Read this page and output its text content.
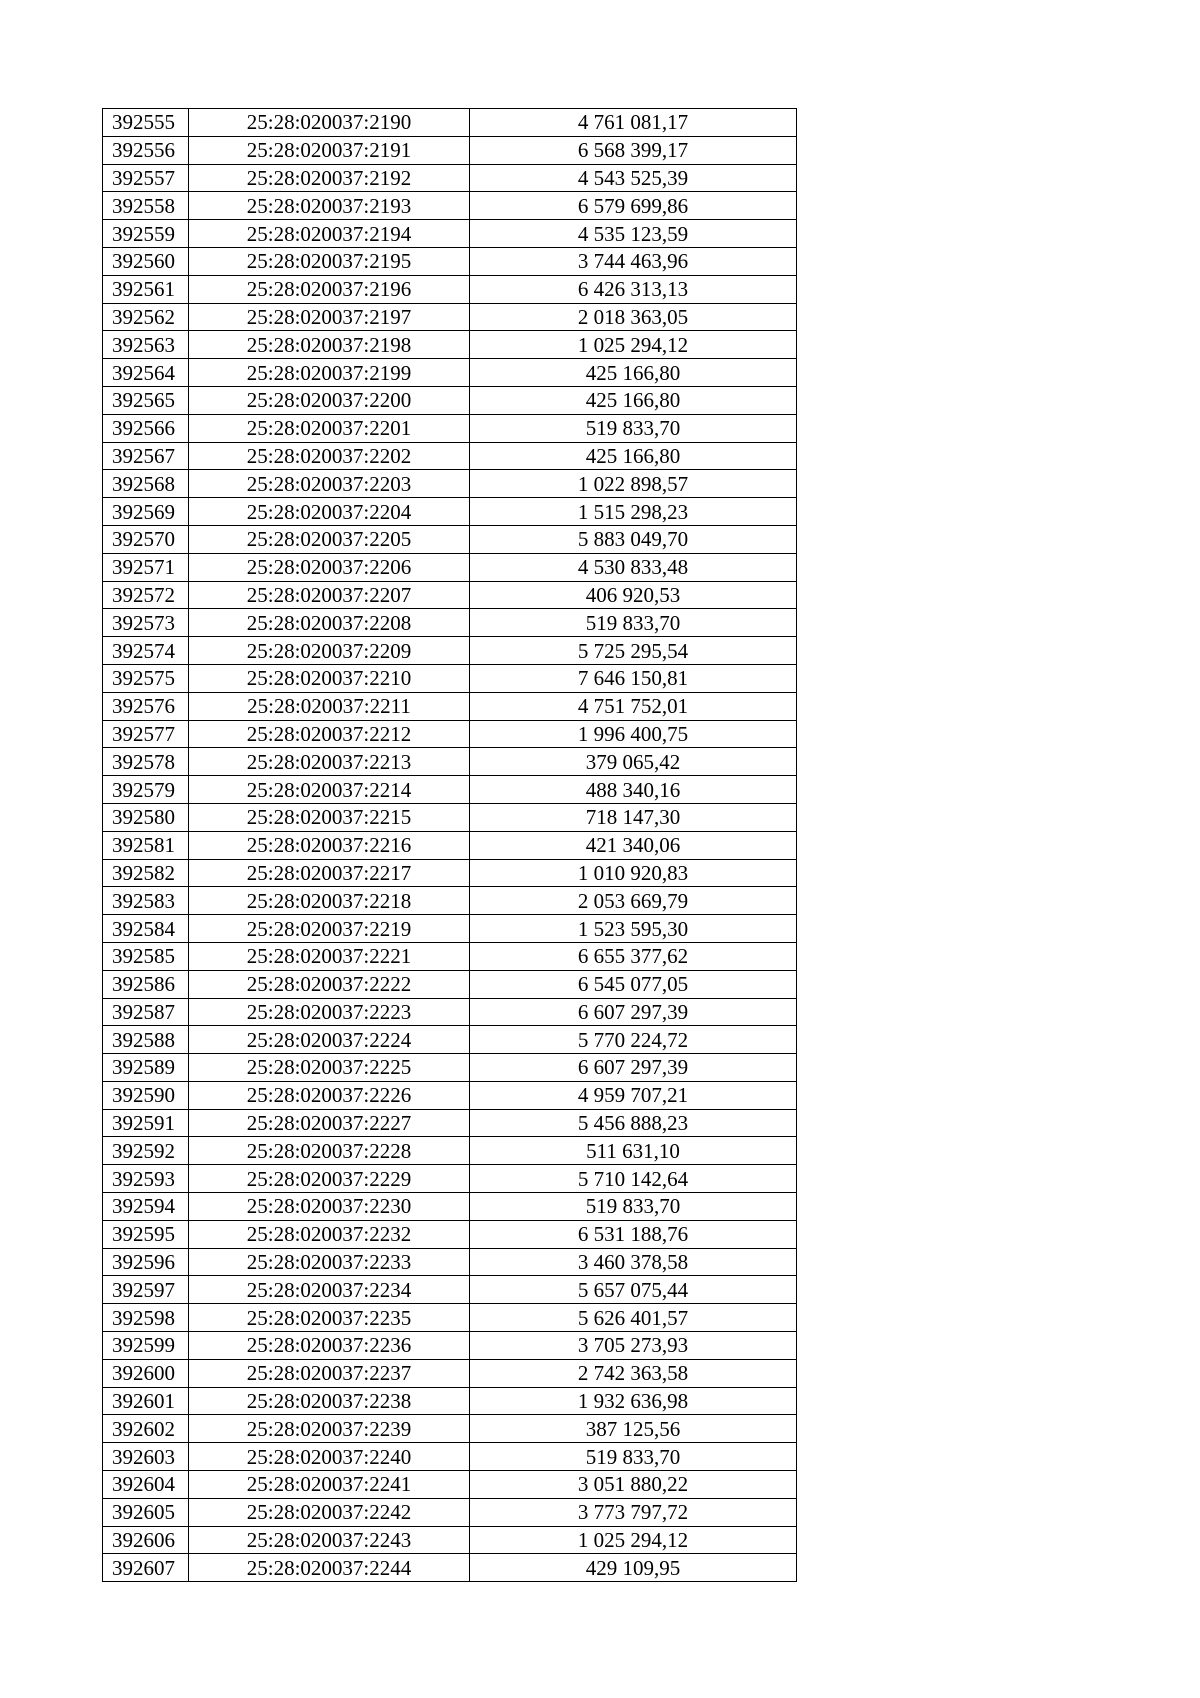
392555	25:28:020037:2190	4 761 081,17
392556	25:28:020037:2191	6 568 399,17
392557	25:28:020037:2192	4 543 525,39
392558	25:28:020037:2193	6 579 699,86
392559	25:28:020037:2194	4 535 123,59
392560	25:28:020037:2195	3 744 463,96
392561	25:28:020037:2196	6 426 313,13
392562	25:28:020037:2197	2 018 363,05
392563	25:28:020037:2198	1 025 294,12
392564	25:28:020037:2199	425 166,80
392565	25:28:020037:2200	425 166,80
392566	25:28:020037:2201	519 833,70
392567	25:28:020037:2202	425 166,80
392568	25:28:020037:2203	1 022 898,57
392569	25:28:020037:2204	1 515 298,23
392570	25:28:020037:2205	5 883 049,70
392571	25:28:020037:2206	4 530 833,48
392572	25:28:020037:2207	406 920,53
392573	25:28:020037:2208	519 833,70
392574	25:28:020037:2209	5 725 295,54
392575	25:28:020037:2210	7 646 150,81
392576	25:28:020037:2211	4 751 752,01
392577	25:28:020037:2212	1 996 400,75
392578	25:28:020037:2213	379 065,42
392579	25:28:020037:2214	488 340,16
392580	25:28:020037:2215	718 147,30
392581	25:28:020037:2216	421 340,06
392582	25:28:020037:2217	1 010 920,83
392583	25:28:020037:2218	2 053 669,79
392584	25:28:020037:2219	1 523 595,30
392585	25:28:020037:2221	6 655 377,62
392586	25:28:020037:2222	6 545 077,05
392587	25:28:020037:2223	6 607 297,39
392588	25:28:020037:2224	5 770 224,72
392589	25:28:020037:2225	6 607 297,39
392590	25:28:020037:2226	4 959 707,21
392591	25:28:020037:2227	5 456 888,23
392592	25:28:020037:2228	511 631,10
392593	25:28:020037:2229	5 710 142,64
392594	25:28:020037:2230	519 833,70
392595	25:28:020037:2232	6 531 188,76
392596	25:28:020037:2233	3 460 378,58
392597	25:28:020037:2234	5 657 075,44
392598	25:28:020037:2235	5 626 401,57
392599	25:28:020037:2236	3 705 273,93
392600	25:28:020037:2237	2 742 363,58
392601	25:28:020037:2238	1 932 636,98
392602	25:28:020037:2239	387 125,56
392603	25:28:020037:2240	519 833,70
392604	25:28:020037:2241	3 051 880,22
392605	25:28:020037:2242	3 773 797,72
392606	25:28:020037:2243	1 025 294,12
392607	25:28:020037:2244	429 109,95
